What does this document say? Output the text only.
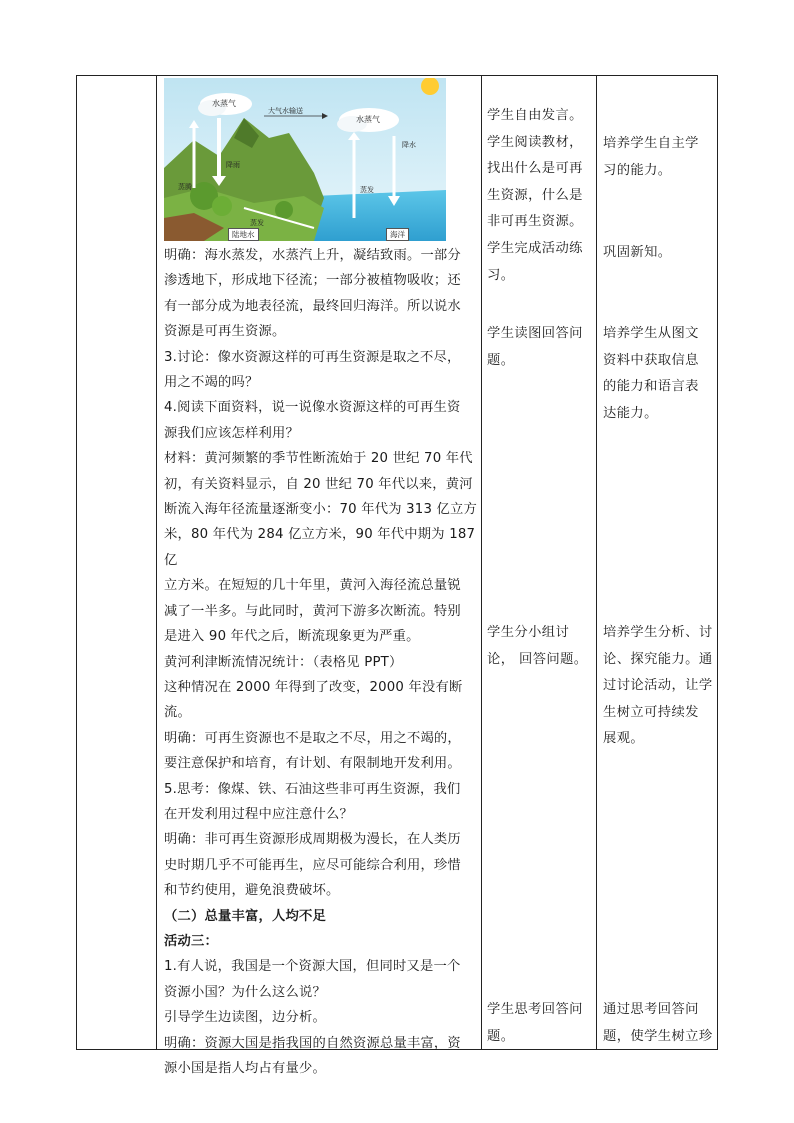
水蒸气
水蒸气
大气水输送
降雨
降水
蒸腾
蒸发
蒸发
陆地水	海洋
明确：海水蒸发，水蒸汽上升，凝结致雨。一部分
渗透地下，形成地下径流；一部分被植物吸收；还
有一部分成为地表径流，最终回归海洋。所以说水
资源是可再生资源。
3.讨论：像水资源这样的可再生资源是取之不尽，
用之不竭的吗？
4.阅读下面资料，说一说像水资源这样的可再生资
源我们应该怎样利用？
材料：黄河频繁的季节性断流始于 20 世纪 70 年代
初，有关资料显示，自 20 世纪 70 年代以来，黄河
断流入海年径流量逐渐变小：70 年代为 313 亿立方
米，80 年代为 284 亿立方米，90 年代中期为 187 亿
立方米。在短短的几十年里，黄河入海径流总量锐
减了一半多。与此同时，黄河下游多次断流。特别
是进入 90 年代之后，断流现象更为严重。
黄河利津断流情况统计：（表格见 PPT）
这种情况在 2000 年得到了改变，2000 年没有断流。
明确：可再生资源也不是取之不尽，用之不竭的，
要注意保护和培育，有计划、有限制地开发利用。
5.思考：像煤、铁、石油这些非可再生资源，我们
在开发利用过程中应注意什么？
明确：非可再生资源形成周期极为漫长，在人类历
史时期几乎不可能再生，应尽可能综合利用，珍惜
和节约使用，避免浪费破坏。
（二）总量丰富，人均不足
活动三：
1.有人说，我国是一个资源大国，但同时又是一个
资源小国？为什么这么说？
引导学生边读图，边分析。
明确：资源大国是指我国的自然资源总量丰富，资
源小国是指人均占有量少。
学生自由发言。 学生阅读教材， 找出什么是可再 生资源，什么是 非可再生资源。 学生完成活动练 习。
学生读图回答问 题。
学生分小组讨论， 回答问题。
学生思考回答问 题。
培养学生自主学 习的能力。
巩固新知。
培养学生从图文 资料中获取信息 的能力和语言表 达能力。
培养学生分析、讨 论、探究能力。通 过讨论活动，让学 生树立可持续发 展观。
通过思考回答问 题，使学生树立珍
